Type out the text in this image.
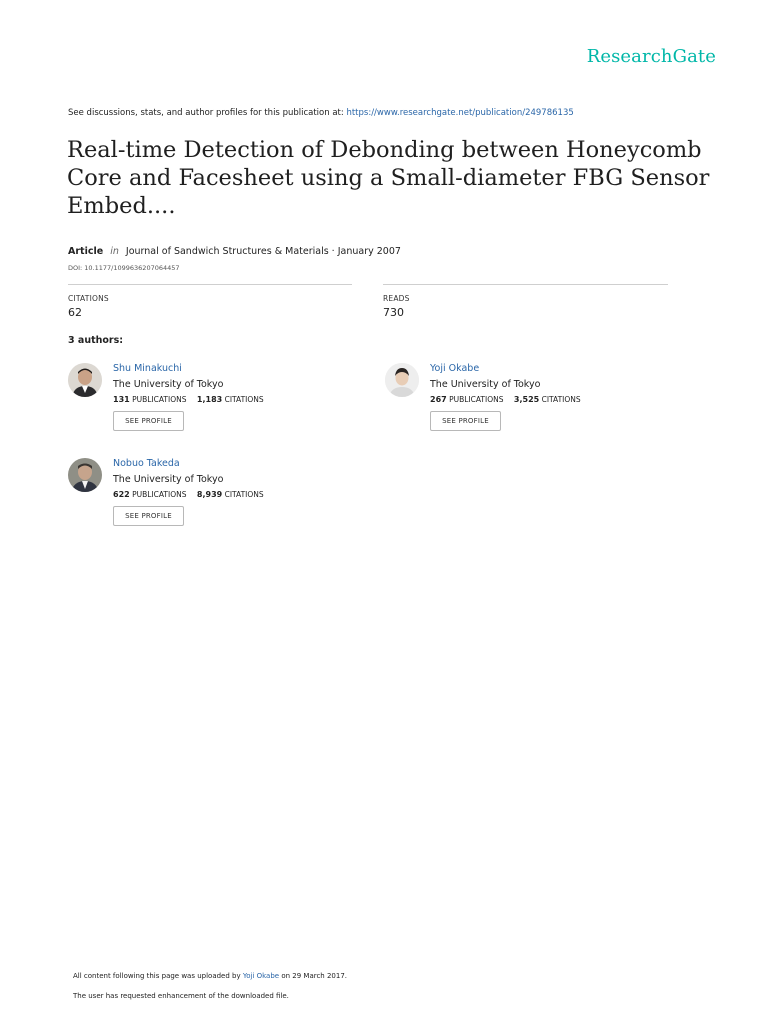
ResearchGate
See discussions, stats, and author profiles for this publication at: https://www.researchgate.net/publication/249786135
Real-time Detection of Debonding between Honeycomb Core and Facesheet using a Small-diameter FBG Sensor Embed....
Article in Journal of Sandwich Structures & Materials · January 2007
DOI: 10.1177/1099636207064457
CITATIONS
62
READS
730
3 authors:
Shu Minakuchi
The University of Tokyo
131 PUBLICATIONS 1,183 CITATIONS
SEE PROFILE
Yoji Okabe
The University of Tokyo
267 PUBLICATIONS 3,525 CITATIONS
SEE PROFILE
Nobuo Takeda
The University of Tokyo
622 PUBLICATIONS 8,939 CITATIONS
SEE PROFILE
All content following this page was uploaded by Yoji Okabe on 29 March 2017.
The user has requested enhancement of the downloaded file.
